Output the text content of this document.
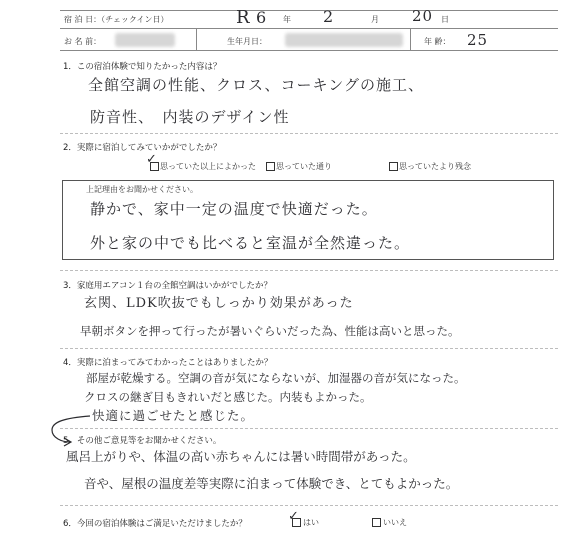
宿 泊 日：（チェックイン日）	R 6 年 2	月 20 日
お 名 前：	生年月日：	年 齢： 25
1．この宿泊体験で知りたかった内容は？
全館空調の性能、クロス、コーキングの施工、
防音性、　内装のデザイン性
2．実際に宿泊してみていかがでしたか？
✓ 思っていた以上によかった	思っていた通り	思っていたより残念
上記理由をお聞かせください。
静かで、家中一定の温度で快適だった。
外と家の中でも比べると室温が全然違った。
3．家庭用エアコン１台の全館空調はいかがでしたか？
玄関、LDK吹抜でもしっかり効果があった
早朝ボタンを押って行ったが暑いぐらいだった為、性能は高いと思った。
4．実際に泊まってみてわかったことはありましたか？
部屋が乾燥する。空調の音が気にならないが、加湿器の音が気になった。
クロスの継ぎ目もきれいだと感じた。内装もよかった。
快適に過ごせたと感じた。
5．その他ご意見等をお聞かせください。
風呂上がりや、体温の高い赤ちゃんには暑い時間帯があった。
音や、屋根の温度差等実際に泊まって体験でき、とてもよかった。
6．今回の宿泊体験はご満足いただけましたか？	✓ はい	いいえ
